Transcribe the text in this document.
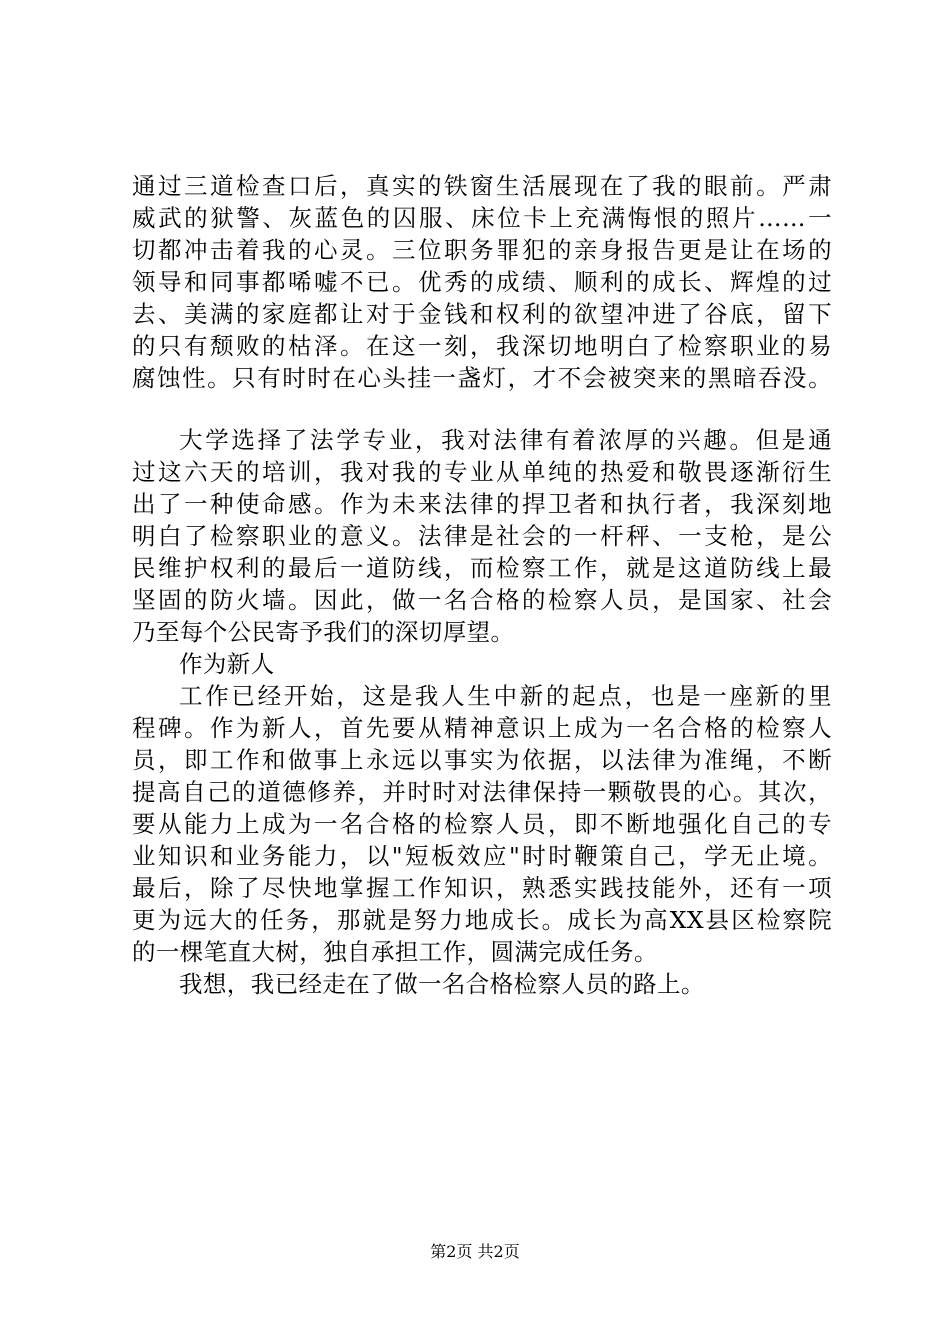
通过三道检查口后，真实的铁窗生活展现在了我的眼前。严肃
威武的狱警、灰蓝色的囚服、床位卡上充满悔恨的照片……一
切都冲击着我的心灵。三位职务罪犯的亲身报告更是让在场的
领导和同事都唏嘘不已。优秀的成绩、顺利的成长、辉煌的过
去、美满的家庭都让对于金钱和权利的欲望冲进了谷底，留下
的只有颓败的枯泽。在这一刻，我深切地明白了检察职业的易
腐蚀性。只有时时在心头挂一盏灯，才不会被突来的黑暗吞没。
大学选择了法学专业，我对法律有着浓厚的兴趣。但是通
过这六天的培训，我对我的专业从单纯的热爱和敬畏逐渐衍生
出了一种使命感。作为未来法律的捍卫者和执行者，我深刻地
明白了检察职业的意义。法律是社会的一杆秤、一支枪，是公
民维护权利的最后一道防线，而检察工作，就是这道防线上最
坚固的防火墙。因此，做一名合格的检察人员，是国家、社会
乃至每个公民寄予我们的深切厚望。
作为新人
工作已经开始，这是我人生中新的起点，也是一座新的里
程碑。作为新人，首先要从精神意识上成为一名合格的检察人
员，即工作和做事上永远以事实为依据，以法律为准绳，不断
提高自己的道德修养，并时时对法律保持一颗敬畏的心。其次，
要从能力上成为一名合格的检察人员，即不断地强化自己的专
业知识和业务能力，以"短板效应"时时鞭策自己，学无止境。
最后，除了尽快地掌握工作知识，熟悉实践技能外，还有一项
更为远大的任务，那就是努力地成长。成长为高XX县区检察院
的一棵笔直大树，独自承担工作，圆满完成任务。
我想，我已经走在了做一名合格检察人员的路上。
第2页 共2页
